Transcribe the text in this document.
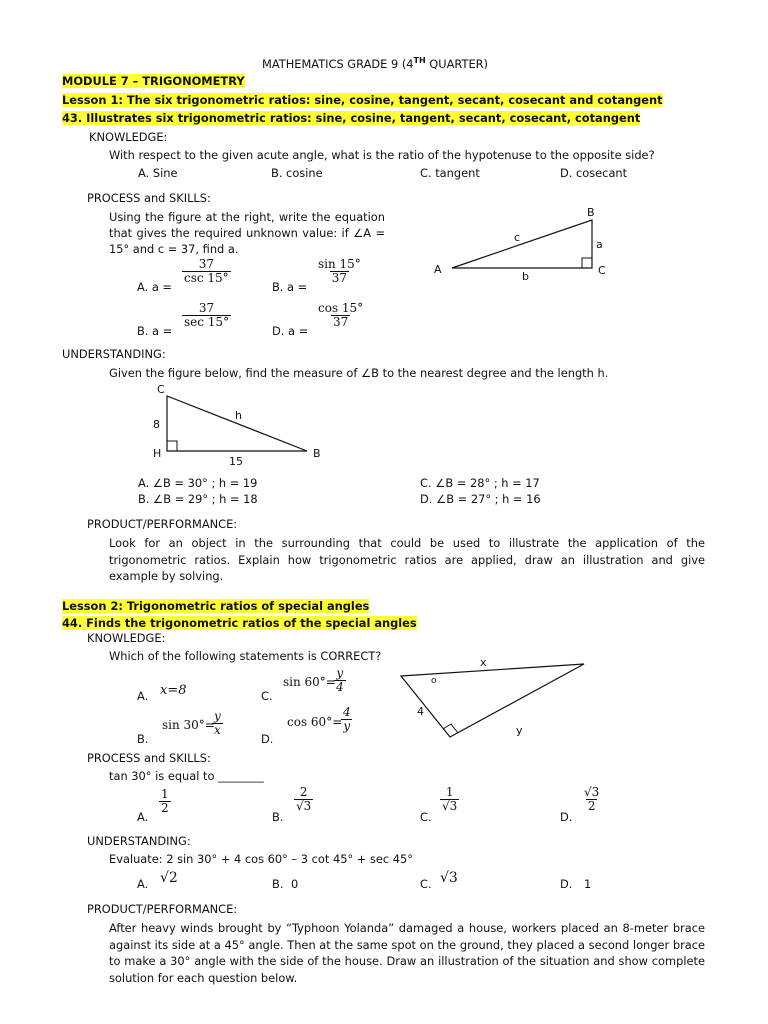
MATHEMATICS GRADE 9 (4TH QUARTER)
MODULE 7 – TRIGONOMETRY
Lesson 1: The six trigonometric ratios: sine, cosine, tangent, secant, cosecant and cotangent
43. Illustrates six trigonometric ratios: sine, cosine, tangent, secant, cosecant, cotangent
KNOWLEDGE:
With respect to the given acute angle, what is the ratio of the hypotenuse to the opposite side?
A. Sine	B. cosine	C. tangent	D. cosecant
PROCESS and SKILLS:
Using the figure at the right, write the equation that gives the required unknown value: if ∠A = 15° and c = 37, find a.
A. a =
37
csc 15°
B. a =
$\frac{\sin 15^\circ}{37}$
B. a =
37
sec 15°
D. a =
$\frac{\cos 15^\circ}{37}$
A
B
C
a
b
c
UNDERSTANDING:
Given the figure below, find the measure of ∠B to the nearest degree and the length h.
C
H	B
8
15
h
A. ∠B = 30° ; h = 19	C. ∠B = 28° ; h = 17
B. ∠B = 29° ; h = 18	D. ∠B = 27° ; h = 16
PRODUCT/PERFORMANCE:
Look for an object in the surrounding that could be used to illustrate the application of the trigonometric ratios. Explain how trigonometric ratios are applied, draw an illustration and give example by solving.
Lesson 2: Trigonometric ratios of special angles
44. Finds the trigonometric ratios of the special angles
KNOWLEDGE:
Which of the following statements is CORRECT?
A. x=8	C.
sin 60°=
$\frac{y}{4}$
B.
sin 30°=
$\frac{y}{x}$
D.
cos 60°=
$\frac{4}{y}$
x
y
4
o
PROCESS and SKILLS:
tan 30° is equal to ________
A.
$\frac{1}{2}$
B.
$\frac{2}{√3}$
C.
$\frac{1}{√3}$
D.
$\frac{√3}{2}$
UNDERSTANDING:
Evaluate: 2 sin 30° + 4 cos 60° – 3 cot 45° + sec 45°
A. √2	B. 0	C. √3	D. 1
PRODUCT/PERFORMANCE:
After heavy winds brought by “Typhoon Yolanda” damaged a house, workers placed an 8-meter brace against its side at a 45° angle. Then at the same spot on the ground, they placed a second longer brace to make a 30° angle with the side of the house. Draw an illustration of the situation and show complete solution for each question below.
